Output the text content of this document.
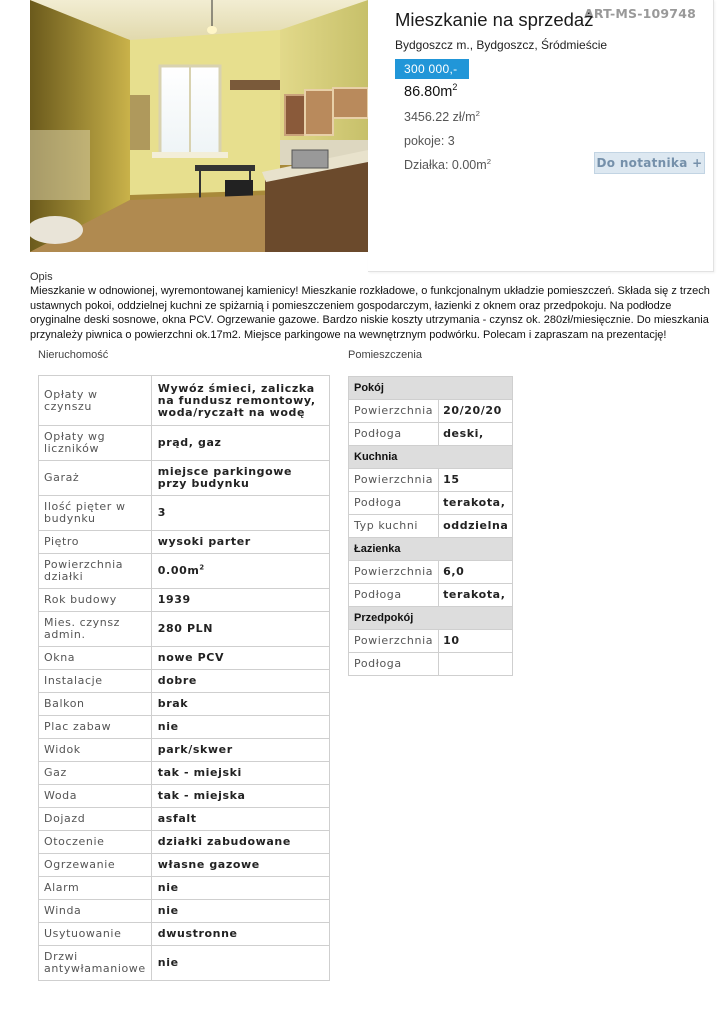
ART-MS-109748
Mieszkanie na sprzedaż
Bydgoszcz m., Bydgoszcz, Śródmieście
300 000,-
$86.80m^2$
3456.22 $zł/m^2$
pokoje: 3
Działka: $0.00m^2$	Do notatnika +
Opis
Mieszkanie w odnowionej, wyremontowanej kamienicy! Mieszkanie rozkładowe, o funkcjonalnym układzie pomieszczeń. Składa się z trzech ustawnych pokoi, oddzielnej kuchni ze spiżarnią i pomieszczeniem gospodarczym, łazienki z oknem oraz przedpokoju. Na podłodze oryginalne deski sosnowe, okna PCV. Ogrzewanie gazowe. Bardzo niskie koszty utrzymania - czynsz ok. 280zł/miesięcznie. Do mieszkania przynależy piwnica o powierzchni ok.17m2. Miejsce parkingowe na wewnętrznym podwórku. Polecam i zapraszam na prezentację!
Nieruchomość	Pomieszczenia
Opłaty w czynszu	Wywóz śmieci, zaliczka na fundusz remontowy, woda/ryczałt na wodę
Opłaty wg liczników	prąd, gaz
Garaż	miejsce parkingowe przy budynku
Ilość pięter w budynku	3
Piętro	wysoki parter
Powierzchnia działki	$0.00m^2$
Rok budowy	1939
Mies. czynsz admin.	280 PLN
Okna	nowe PCV
Instalacje	dobre
Balkon	brak
Plac zabaw	nie
Widok	park/skwer
Gaz	tak - miejski
Woda	tak - miejska
Dojazd	asfalt
Otoczenie	działki zabudowane
Ogrzewanie	własne gazowe
Alarm	nie
Winda	nie
Usytuowanie	dwustronne
Drzwi antywłamaniowe	nie
Pokój	
Powierzchnia	20/20/20
Podłoga	deski,
Kuchnia	
Powierzchnia	15
Podłoga	terakota,
Typ kuchni	oddzielna
Łazienka	
Powierzchnia	6,0
Podłoga	terakota,
Przedpokój	
Powierzchnia	10
Podłoga	
